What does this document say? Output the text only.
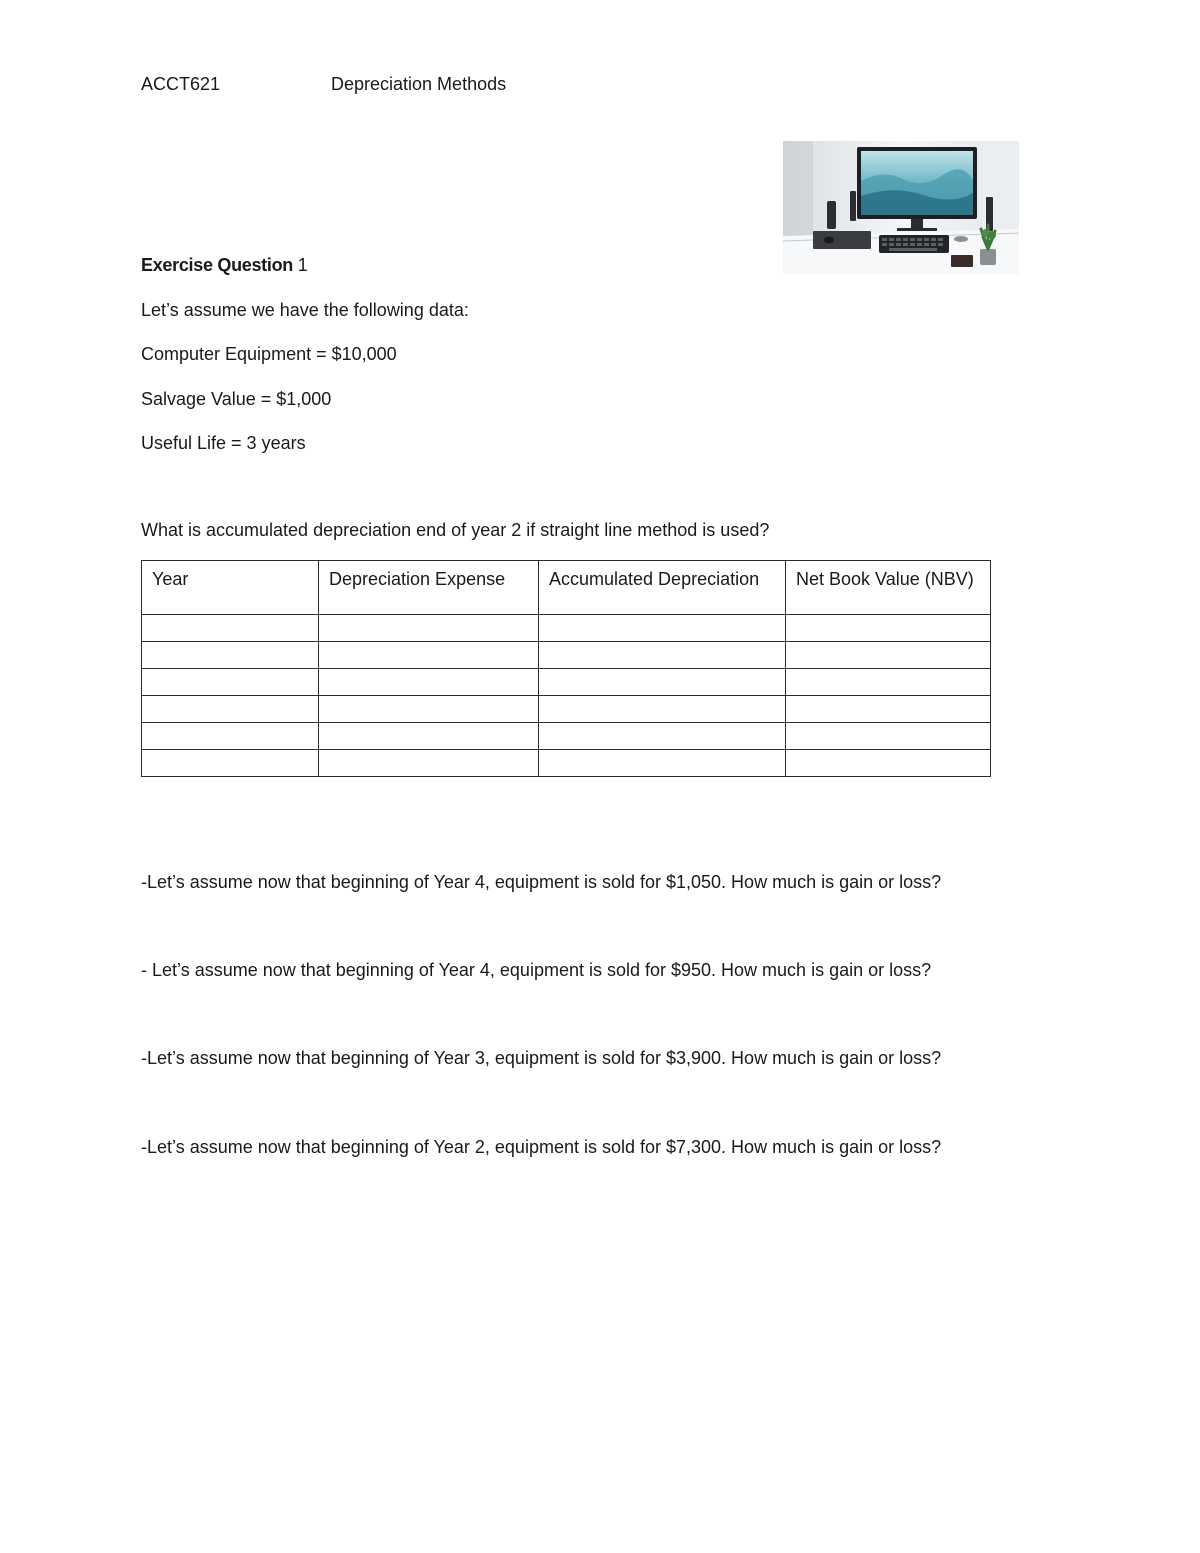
ACCT621	Depreciation Methods
Exercise Question 1
Let’s assume we have the following data:
Computer Equipment = $10,000
Salvage Value = $1,000
Useful Life = 3 years
What is accumulated depreciation end of year 2 if straight line method is used?
Year	Depreciation Expense	Accumulated Depreciation	Net Book Value (NBV)

-Let’s assume now that beginning of Year 4, equipment is sold for $1,050. How much is gain or loss?
- Let’s assume now that beginning of Year 4, equipment is sold for $950. How much is gain or loss?
-Let’s assume now that beginning of Year 3, equipment is sold for $3,900. How much is gain or loss?
-Let’s assume now that beginning of Year 2, equipment is sold for $7,300. How much is gain or loss?
